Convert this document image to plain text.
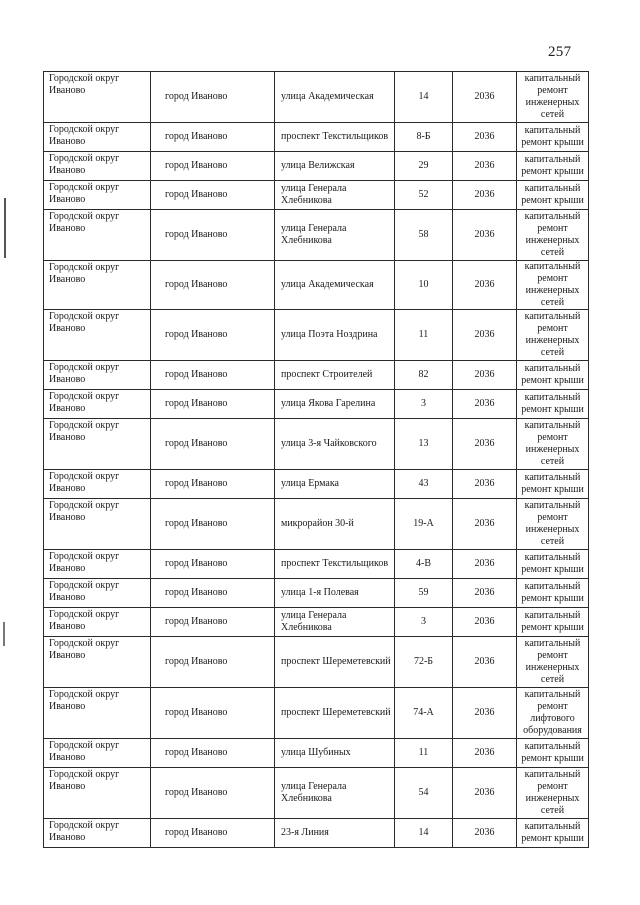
257
Городской округ Иваново	город Иваново	улица Академическая	14	2036	капитальный ремонт инженерных сетей
Городской округ Иваново	город Иваново	проспект Текстильщиков	8-Б	2036	капитальный ремонт крыши
Городской округ Иваново	город Иваново	улица Велижская	29	2036	капитальный ремонт крыши
Городской округ Иваново	город Иваново	улица Генерала Хлебникова	52	2036	капитальный ремонт крыши
Городской округ Иваново	город Иваново	улица Генерала Хлебникова	58	2036	капитальный ремонт инженерных сетей
Городской округ Иваново	город Иваново	улица Академическая	10	2036	капитальный ремонт инженерных сетей
Городской округ Иваново	город Иваново	улица Поэта Ноздрина	11	2036	капитальный ремонт инженерных сетей
Городской округ Иваново	город Иваново	проспект Строителей	82	2036	капитальный ремонт крыши
Городской округ Иваново	город Иваново	улица Якова Гарелина	3	2036	капитальный ремонт крыши
Городской округ Иваново	город Иваново	улица 3-я Чайковского	13	2036	капитальный ремонт инженерных сетей
Городской округ Иваново	город Иваново	улица Ермака	43	2036	капитальный ремонт крыши
Городской округ Иваново	город Иваново	микрорайон 30-й	19-А	2036	капитальный ремонт инженерных сетей
Городской округ Иваново	город Иваново	проспект Текстильщиков	4-В	2036	капитальный ремонт крыши
Городской округ Иваново	город Иваново	улица 1-я Полевая	59	2036	капитальный ремонт крыши
Городской округ Иваново	город Иваново	улица Генерала Хлебникова	3	2036	капитальный ремонт крыши
Городской округ Иваново	город Иваново	проспект Шереметевский	72-Б	2036	капитальный ремонт инженерных сетей
Городской округ Иваново	город Иваново	проспект Шереметевский	74-А	2036	капитальный ремонт лифтового оборудования
Городской округ Иваново	город Иваново	улица Шубиных	11	2036	капитальный ремонт крыши
Городской округ Иваново	город Иваново	улица Генерала Хлебникова	54	2036	капитальный ремонт инженерных сетей
Городской округ Иваново	город Иваново	23-я Линия	14	2036	капитальный ремонт крыши
